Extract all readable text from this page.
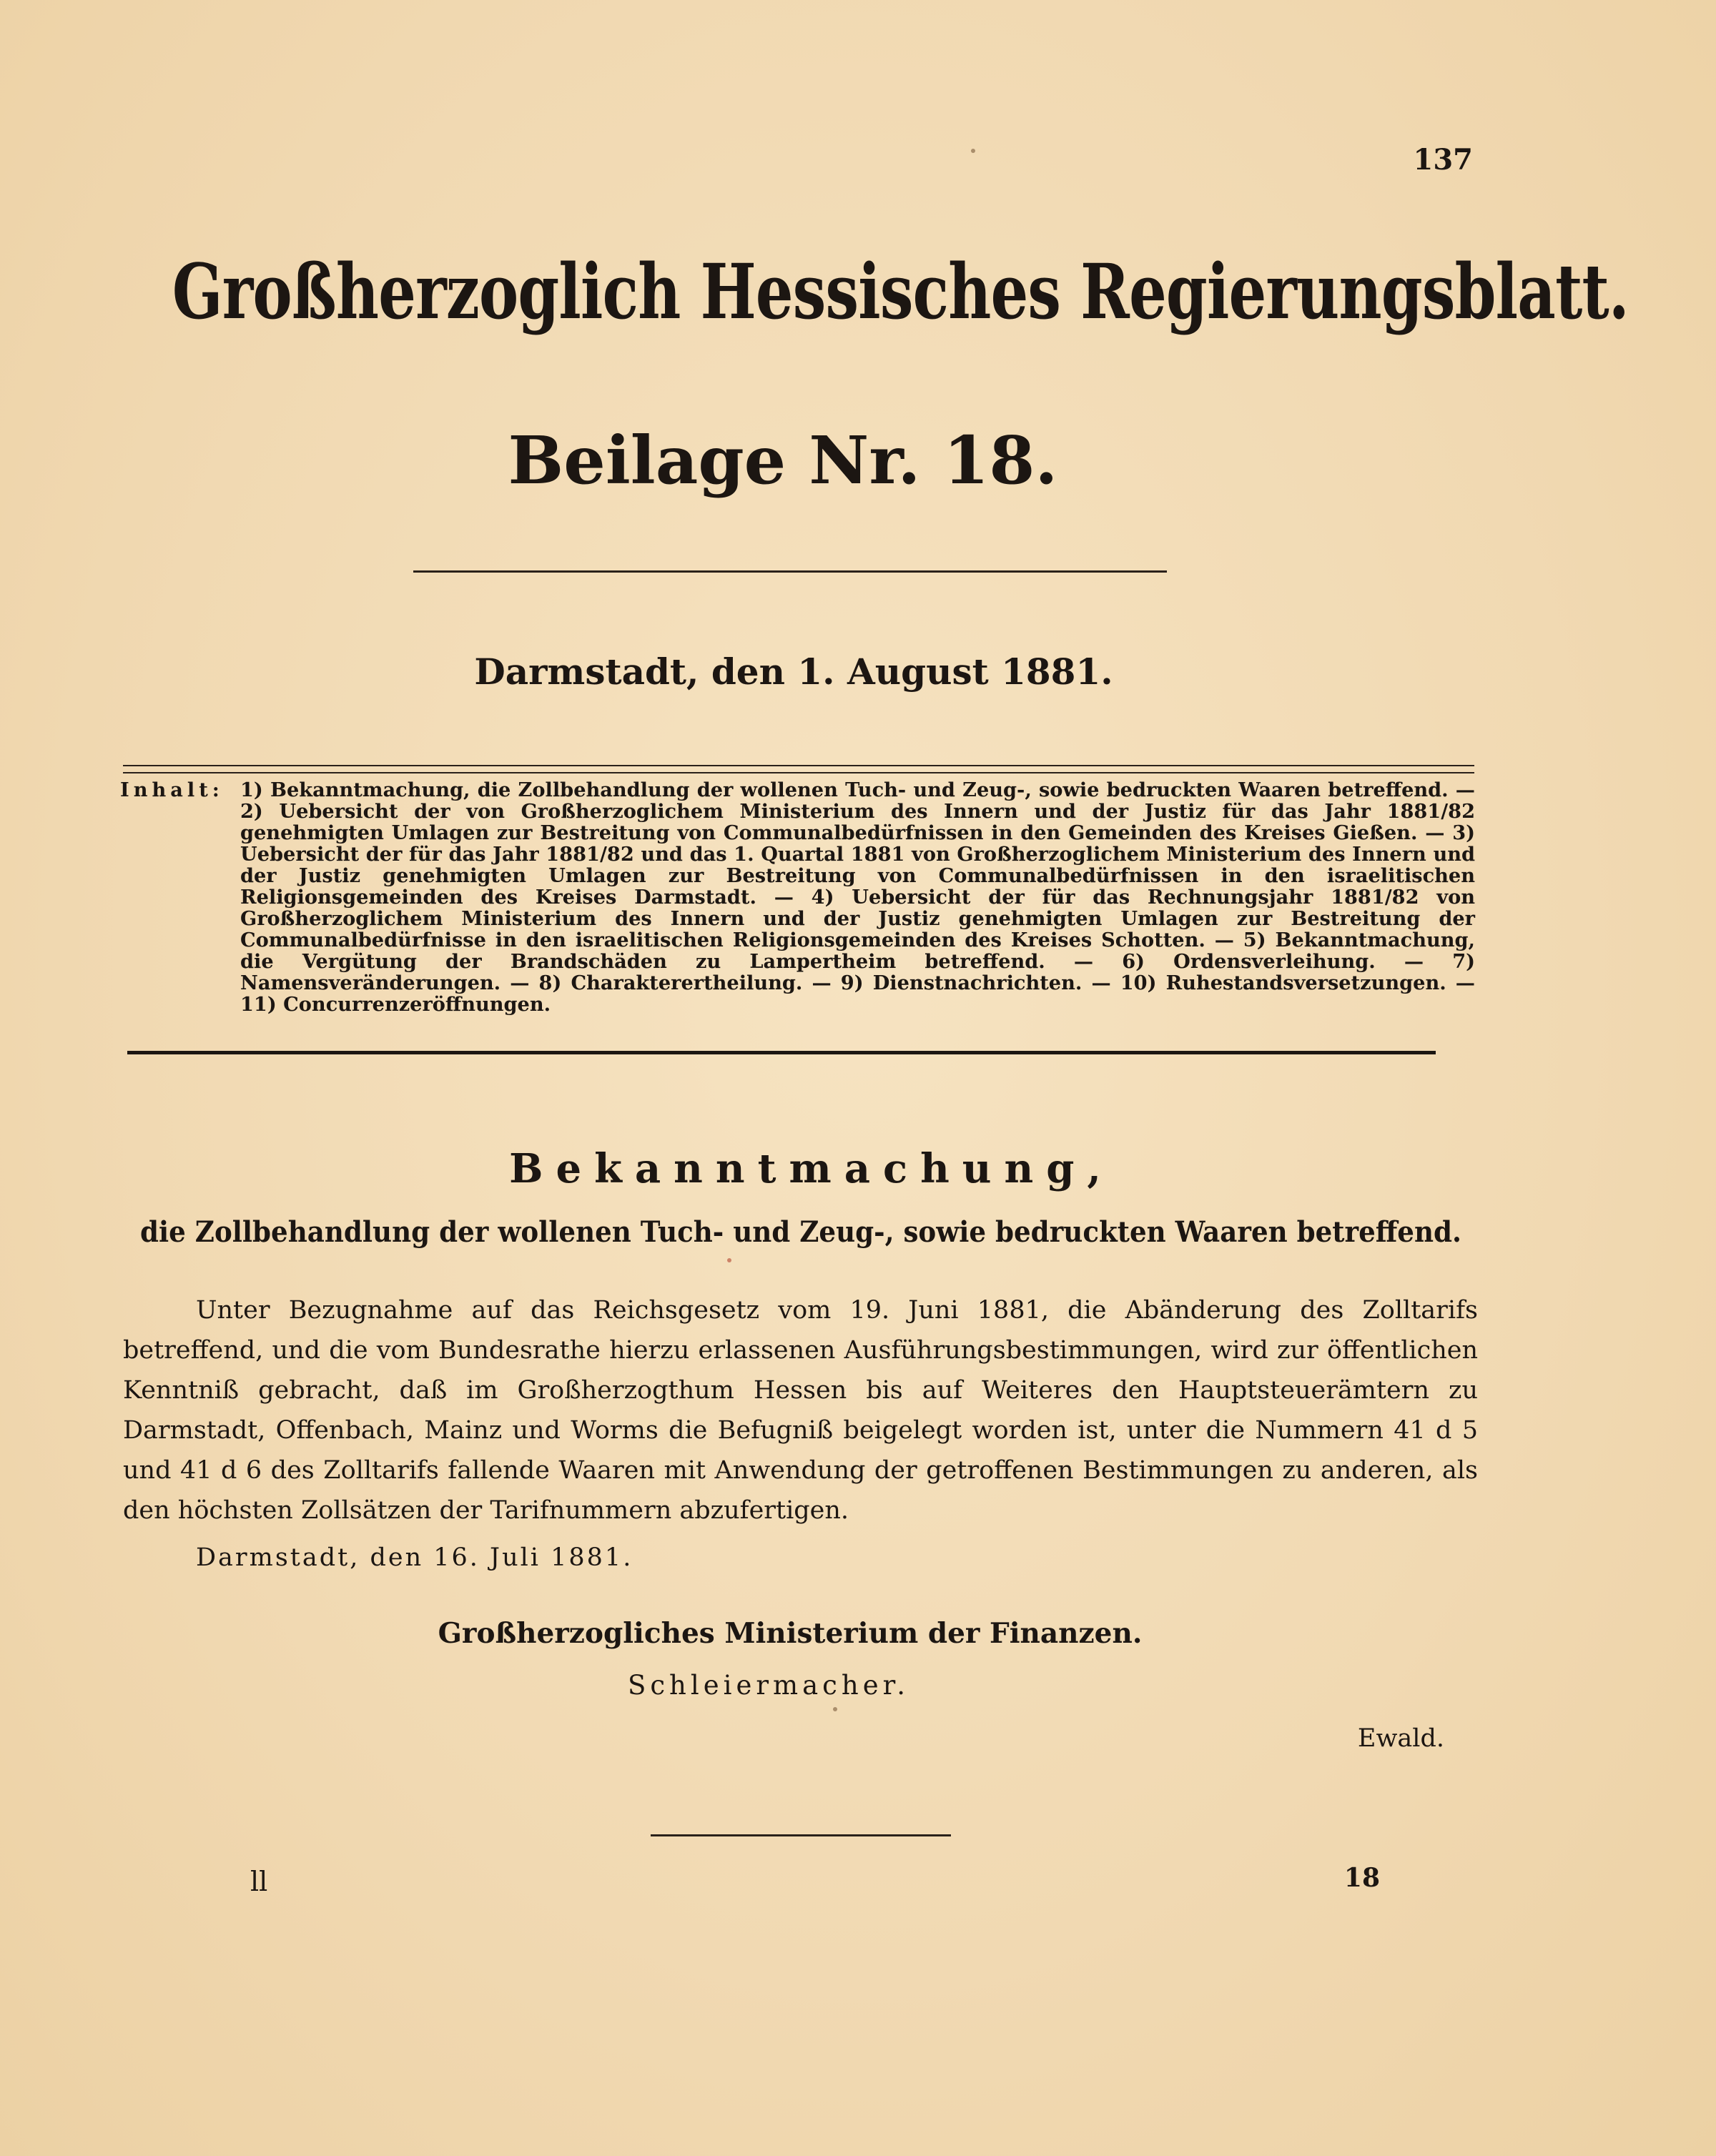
137
Großherzoglich Hessisches Regierungsblatt.
Beilage Nr. 18.
Darmstadt, den 1. August 1881.
Inhalt: 1) Bekanntmachung, die Zollbehandlung der wollenen Tuch- und Zeug-, sowie bedruckten Waaren betreffend. — 2) Uebersicht der von Großherzoglichem Ministerium des Innern und der Justiz für das Jahr 1881/82 genehmigten Umlagen zur Bestreitung von Communalbedürfnissen in den Gemeinden des Kreises Gießen. — 3) Uebersicht der für das Jahr 1881/82 und das 1. Quartal 1881 von Großherzoglichem Ministerium des Innern und der Justiz genehmigten Umlagen zur Bestreitung von Communalbedürfnissen in den israelitischen Religionsgemeinden des Kreises Darmstadt. — 4) Uebersicht der für das Rechnungsjahr 1881/82 von Großherzoglichem Ministerium des Innern und der Justiz genehmigten Umlagen zur Bestreitung der Communalbedürfnisse in den israelitischen Religionsgemeinden des Kreises Schotten. — 5) Bekanntmachung, die Vergütung der Brandschäden zu Lampertheim betreffend. — 6) Ordensverleihung. — 7) Namensveränderungen. — 8) Charakterertheilung. — 9) Dienstnachrichten. — 10) Ruhestandsversetzungen. — 11) Concurrenzeröffnungen.
Bekanntmachung,
die Zollbehandlung der wollenen Tuch- und Zeug-, sowie bedruckten Waaren betreffend.
Unter Bezugnahme auf das Reichsgesetz vom 19. Juni 1881, die Abänderung des Zolltarifs betreffend, und die vom Bundesrathe hierzu erlassenen Ausführungsbestimmungen, wird zur öffentlichen Kenntniß gebracht, daß im Großherzogthum Hessen bis auf Weiteres den Hauptsteuerämtern zu Darmstadt, Offenbach, Mainz und Worms die Befugniß beigelegt worden ist, unter die Nummern 41 d 5 und 41 d 6 des Zolltarifs fallende Waaren mit Anwendung der getroffenen Bestimmungen zu anderen, als den höchsten Zollsätzen der Tarifnummern abzufertigen.
Darmstadt, den 16. Juli 1881.
Großherzogliches Ministerium der Finanzen.
Schleiermacher.
Ewald.
ll	18
